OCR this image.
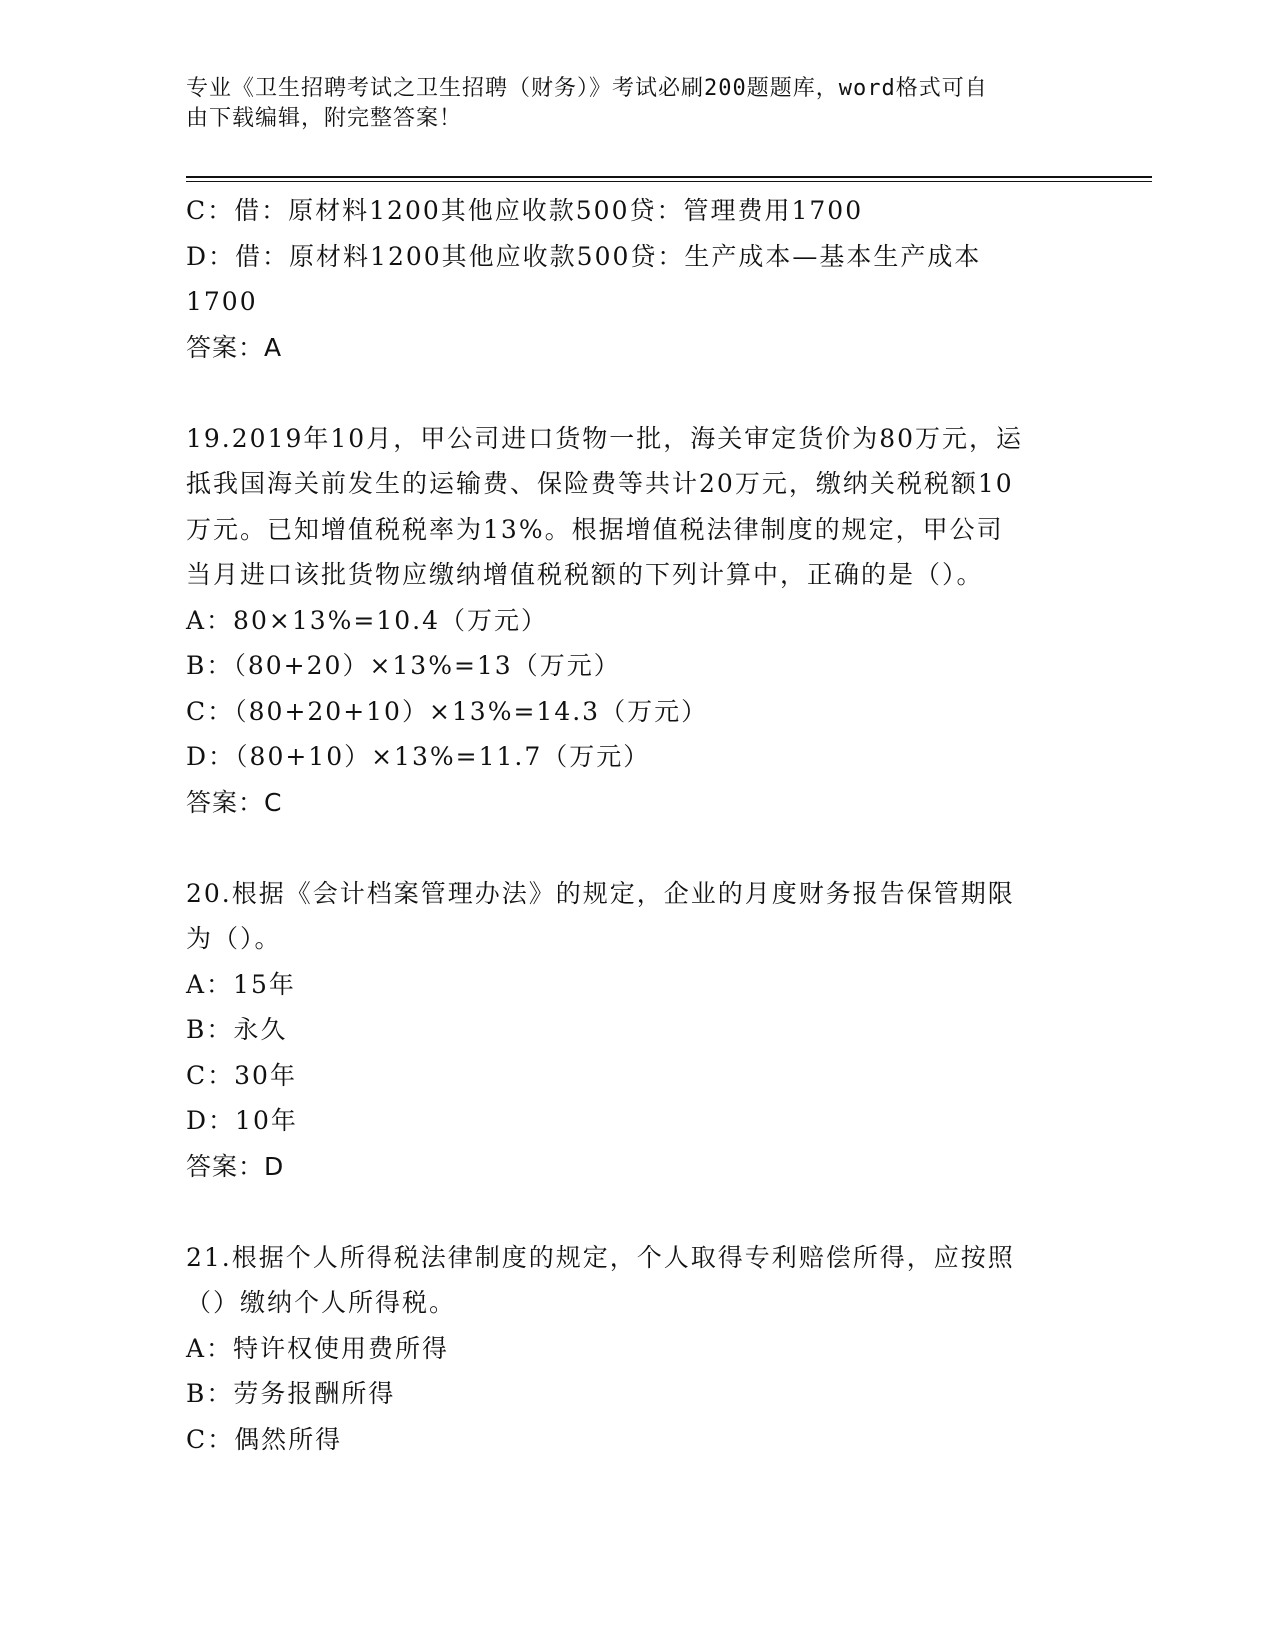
专业《卫生招聘考试之卫生招聘（财务）》考试必刷200题题库，word格式可自
由下载编辑，附完整答案！
C：借：原材料1200其他应收款500贷：管理费用1700
D：借：原材料1200其他应收款500贷：生产成本—基本生产成本
1700
答案：A
19.2019年10月，甲公司进口货物一批，海关审定货价为80万元，运
抵我国海关前发生的运输费、保险费等共计20万元，缴纳关税税额10
万元。已知增值税税率为13%。根据增值税法律制度的规定，甲公司
当月进口该批货物应缴纳增值税税额的下列计算中，正确的是（）。
A：80×13%=10.4（万元）
B：（80+20）×13%=13（万元）
C：（80+20+10）×13%=14.3（万元）
D：（80+10）×13%=11.7（万元）
答案：C
20.根据《会计档案管理办法》的规定，企业的月度财务报告保管期限
为（）。
A：15年
B：永久
C：30年
D：10年
答案：D
21.根据个人所得税法律制度的规定，个人取得专利赔偿所得，应按照
（）缴纳个人所得税。
A：特许权使用费所得
B：劳务报酬所得
C：偶然所得
